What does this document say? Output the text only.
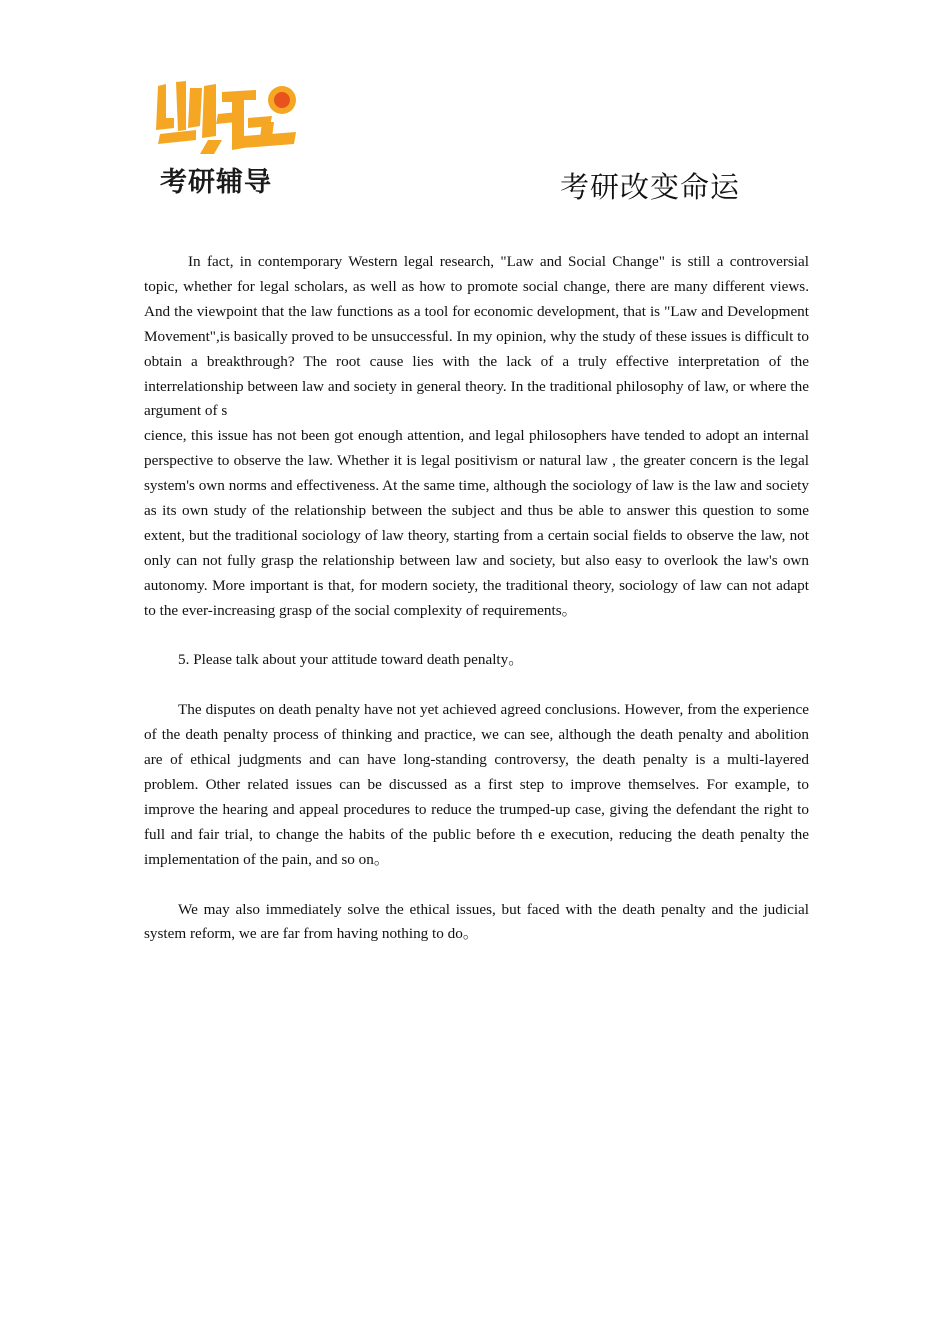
考研辅导	考研改变命运

In fact, in contemporary Western legal research, "Law and Social Change" is still a controversial topic, whether for legal scholars, as well as how to promote social change, there are many different views. And the viewpoint that the law functions as a tool for economic development, that is "Law and Development Movement",is basically proved to be unsuccessful. In my opinion, why the study of these issues is difficult to obtain a breakthrough? The root cause lies with the lack of a truly effective interpretation of the interrelationship between law and society in general theory. In the traditional philosophy of law, or where the argument of s

cience, this issue has not been got enough attention, and legal philosophers have tended to adopt an internal perspective to observe the law. Whether it is legal positivism or natural law , the greater concern is the legal system's own norms and effectiveness. At the same time, although the sociology of law is the law and society as its own study of the relationship between the subject and thus be able to answer this question to some extent, but the traditional sociology of law theory, starting from a certain social fields to observe the law, not only can not fully grasp the relationship between law and society, but also easy to overlook the law's own autonomy. More important is that, for modern society, the traditional theory, sociology of law can not adapt to the ever-increasing grasp of the social complexity of requirements。

5. Please talk about your attitude toward death penalty。

The disputes on death penalty have not yet achieved agreed conclusions. However, from the experience of the death penalty process of thinking and practice, we can see, although the death penalty and abolition are of ethical judgments and can have long-standing controversy, the death penalty is a multi-layered problem. Other related issues can be discussed as a first step to improve themselves. For example, to improve the hearing and appeal procedures to reduce the trumped-up case, giving the defendant the right to full and fair trial, to change the habits of the public before th e execution, reducing the death penalty the implementation of the pain, and so on。

We may also immediately solve the ethical issues, but faced with the death penalty and the judicial system reform, we are far from having nothing to do。
